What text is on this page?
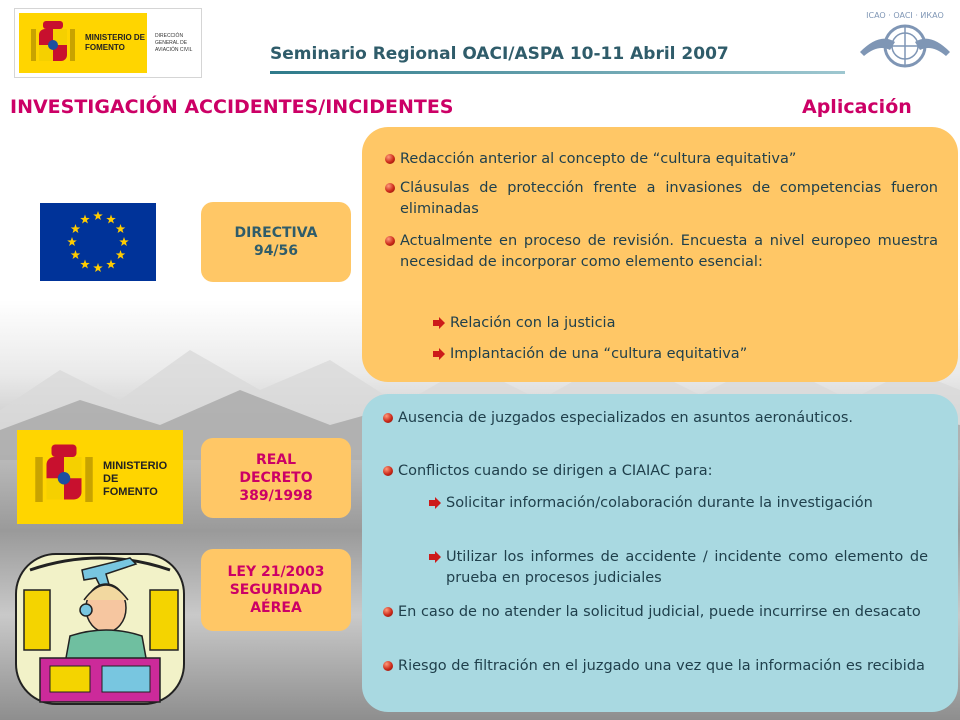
MINISTERIO DE FOMENTO
DIRECCIÓN GENERAL DE AVIACIÓN CIVIL	Seminario Regional OACI/ASPA 10-11 Abril 2007
ICAO · OACI · ИКАО
INVESTIGACIÓN ACCIDENTES/INCIDENTES	Aplicación
DIRECTIVA 94/56
REAL DECRETO 389/1998
LEY 21/2003 SEGURIDAD AÉREA
Redacción anterior al concepto de “cultura equitativa”
Cláusulas de protección frente a invasiones de competencias fueron eliminadas
Actualmente en proceso de revisión. Encuesta a nivel europeo muestra necesidad de incorporar como elemento esencial:
Relación con la justicia
Implantación de una “cultura equitativa”
Ausencia de juzgados especializados en asuntos aeronáuticos.
Conflictos cuando se dirigen a CIAIAC para:
Solicitar información/colaboración durante la investigación
Utilizar los informes de accidente / incidente como elemento de prueba en procesos judiciales
En caso de no atender la solicitud judicial, puede incurrirse en desacato
Riesgo de filtración en el juzgado una vez que la información es recibida
MINISTERIO DE FOMENTO
